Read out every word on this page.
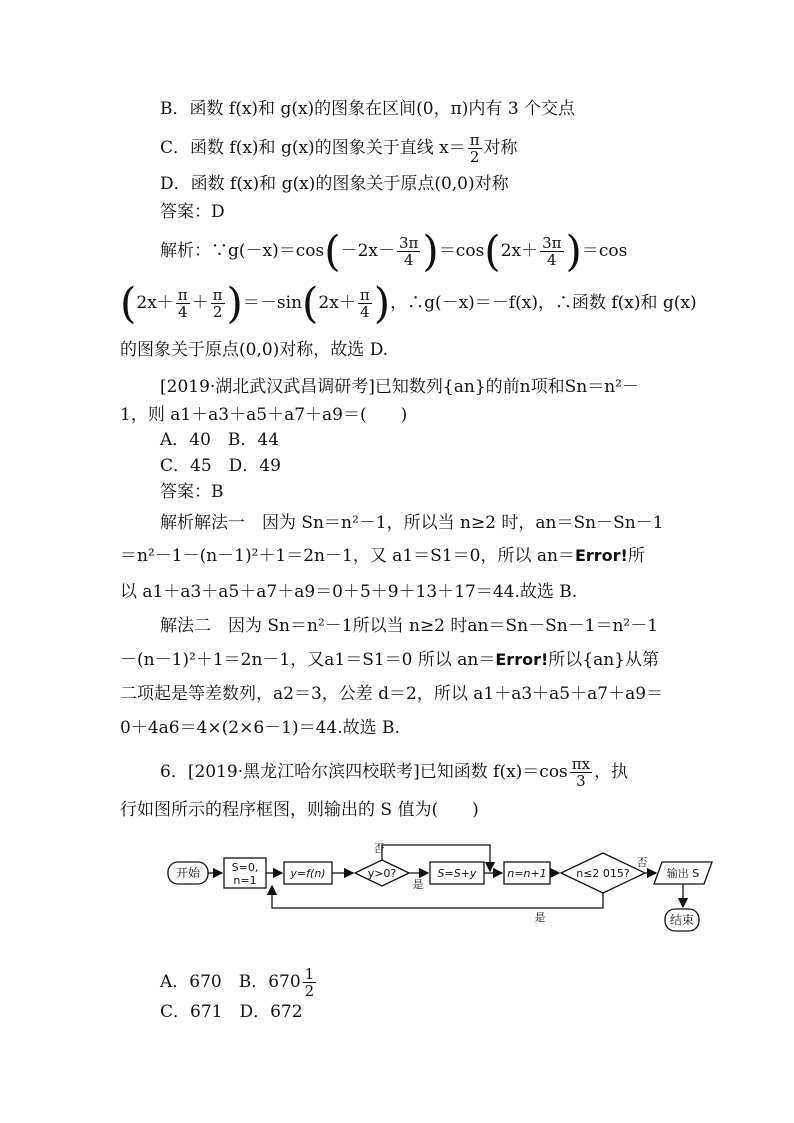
B．函数 f(x)和 g(x)的图象在区间(0，π)内有 3 个交点
C．函数 f(x)和 g(x)的图象关于直线 $x= \frac{\pi}{2}$ 对称
D．函数 f(x)和 g(x)的图象关于原点(0,0)对称
答案：D
解析：∵g(－x)＝cos(－2x－ $\frac{3\pi}{4} )=\cos(2x+ \frac{3\pi}{4} )=\cos$
$(2x+ \frac{\pi}{4} + \frac{\pi}{2} )=-\sin(2x+ \frac{\pi}{4}$ )，∴g(－x)＝－f(x)，∴函数 f(x)和 g(x)
的图象关于原点(0,0)对称，故选 D.
[2019·湖北武汉武昌调研考]已知数列{an}的前n项和Sn＝n²－
1，则 a1＋a3＋a5＋a7＋a9＝(　　)
A．40　B．44
C．45　D．49
答案：B
解析解法一　因为 Sn＝n²－1，所以当 n≥2 时，an＝Sn－Sn－1
＝n²－1－(n－1)²＋1＝2n－1，又 a1＝S1＝0，所以 an＝Error!所
以 a1＋a3＋a5＋a7＋a9＝0＋5＋9＋13＋17＝44.故选 B.
解法二　因为 Sn＝n²－1所以当 n≥2 时an＝Sn－Sn－1＝n²－1
－(n－1)²＋1＝2n－1，又a1＝S1＝0 所以 an＝Error!所以{an}从第
二项起是等差数列，a2＝3，公差 d＝2，所以 a1＋a3＋a5＋a7＋a9＝
0＋4a6＝4×(2×6－1)＝44.故选 B.
6．[2019·黑龙江哈尔滨四校联考]已知函数 $f(x)=\cos \frac{\pi x}{3}$ ，执
行如图所示的程序框图，则输出的 S 值为(　　)
开始	S=0,
n=1
y=f(n)	y>0?
否
是
S=S+y	n=n+1	n≤2 015?
否
输出 S
是	结束
A．670　B．$670 \frac{1}{2}$
C．671　D．672
